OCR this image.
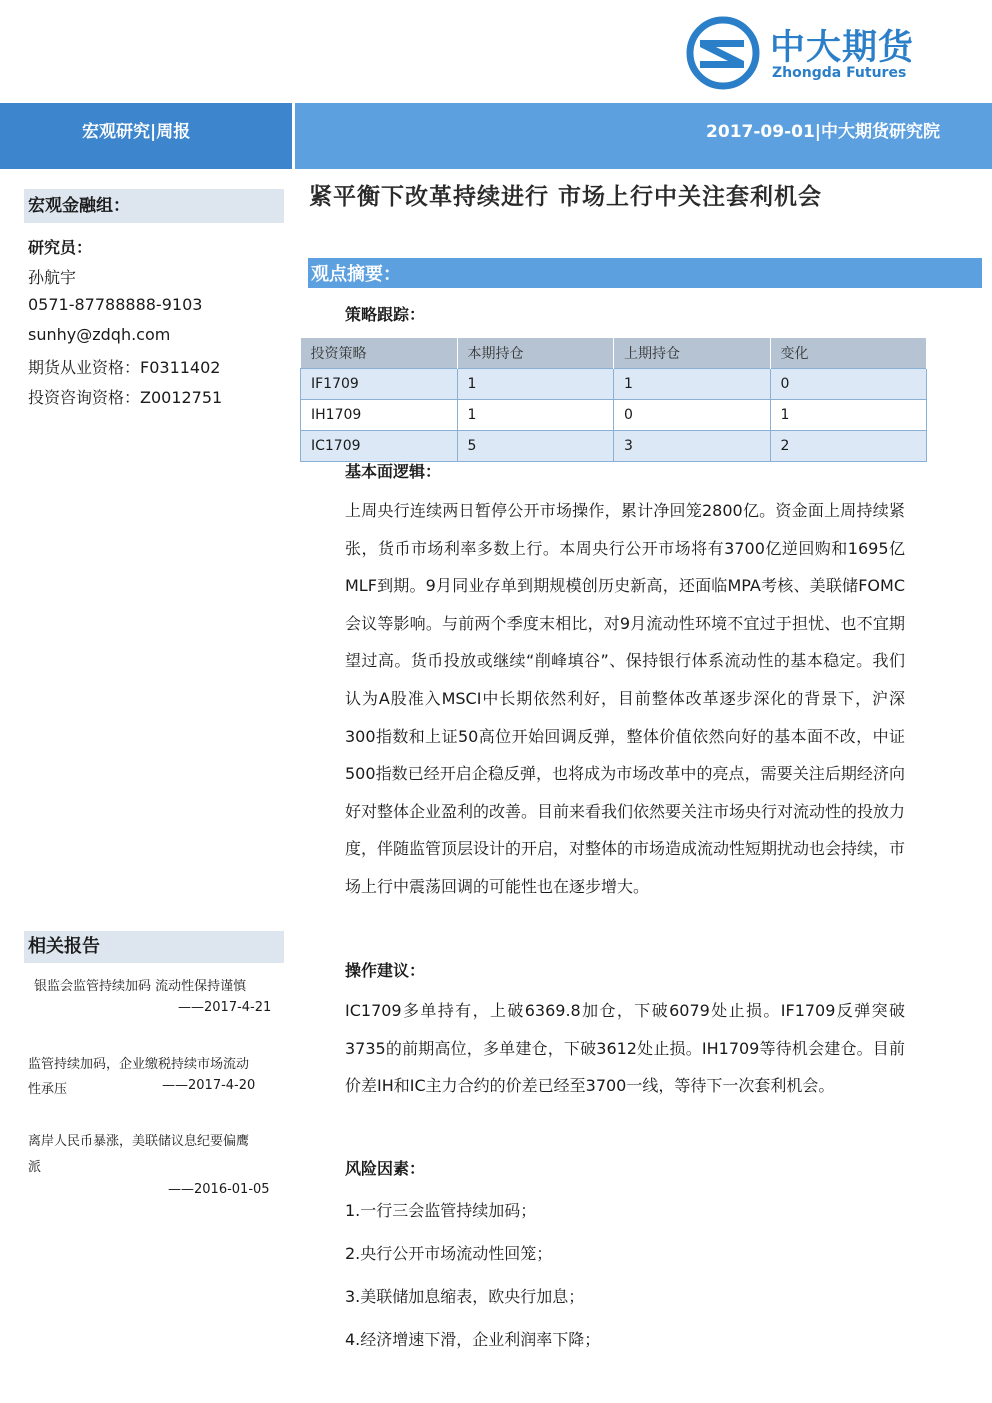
中大期货
Zhongda Futures
宏观研究|周报	2017-09-01|中大期货研究院
宏观金融组：
研究员：
孙航宇
0571-87788888-9103
sunhy@zdqh.com
期货从业资格：F0311402
投资咨询资格：Z0012751
相关报告
银监会监管持续加码 流动性保持谨慎
——2017-4-21
监管持续加码，企业缴税持续市场流动
性承压	——2017-4-20
离岸人民币暴涨，美联储议息纪要偏鹰
派
——2016-01-05
紧平衡下改革持续进行 市场上行中关注套利机会
观点摘要：
策略跟踪：
投资策略	本期持仓	上期持仓	变化
IF1709	1	1	0
IH1709	1	0	1
IC1709	5	3	2
基本面逻辑：
上周央行连续两日暂停公开市场操作，累计净回笼2800亿。资金面上周持续紧张，货币市场利率多数上行。本周央行公开市场将有3700亿逆回购和1695亿MLF到期。9月同业存单到期规模创历史新高，还面临MPA考核、美联储FOMC会议等影响。与前两个季度末相比，对9月流动性环境不宜过于担忧、也不宜期望过高。货币投放或继续“削峰填谷”、保持银行体系流动性的基本稳定。我们认为A股准入MSCI中长期依然利好，目前整体改革逐步深化的背景下，沪深300指数和上证50高位开始回调反弹，整体价值依然向好的基本面不改，中证500指数已经开启企稳反弹，也将成为市场改革中的亮点，需要关注后期经济向好对整体企业盈利的改善。目前来看我们依然要关注市场央行对流动性的投放力度，伴随监管顶层设计的开启，对整体的市场造成流动性短期扰动也会持续，市场上行中震荡回调的可能性也在逐步增大。
操作建议：
IC1709多单持有，上破6369.8加仓，下破6079处止损。IF1709反弹突破3735的前期高位，多单建仓，下破3612处止损。IH1709等待机会建仓。目前价差IH和IC主力合约的价差已经至3700一线，等待下一次套利机会。
风险因素：
1.一行三会监管持续加码；
2.央行公开市场流动性回笼；
3.美联储加息缩表，欧央行加息；
4.经济增速下滑，企业利润率下降；
